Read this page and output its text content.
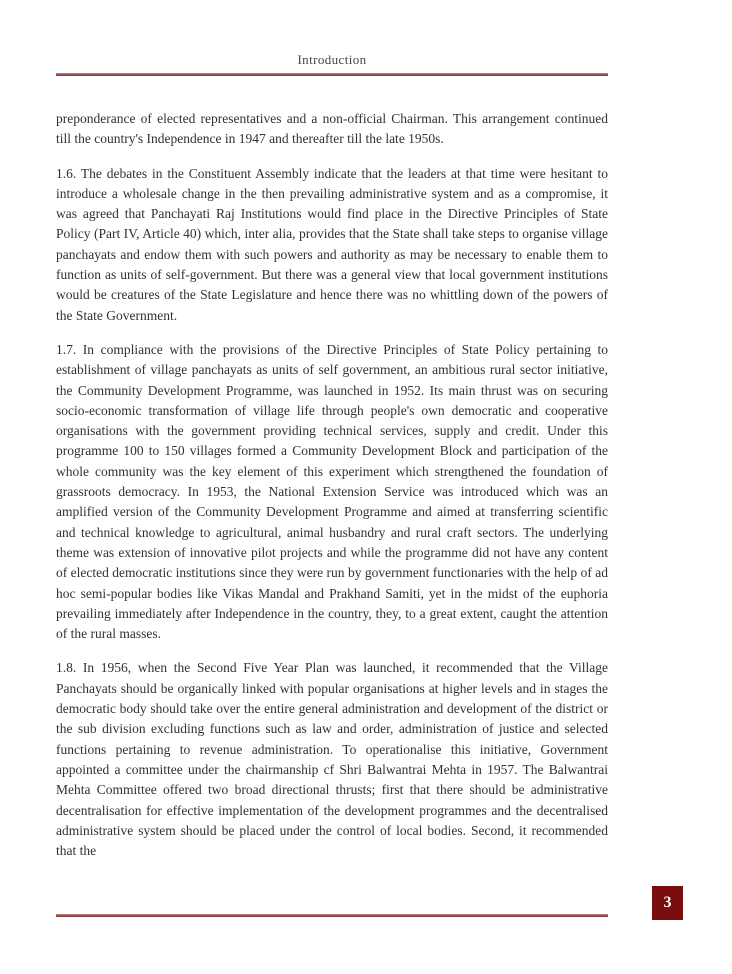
Introduction

preponderance of elected representatives and a non-official Chairman. This arrangement continued till the country's Independence in 1947 and thereafter till the late 1950s.

1.6. The debates in the Constituent Assembly indicate that the leaders at that time were hesitant to introduce a wholesale change in the then prevailing administrative system and as a compromise, it was agreed that Panchayati Raj Institutions would find place in the Directive Principles of State Policy (Part IV, Article 40) which, inter alia, provides that the State shall take steps to organise village panchayats and endow them with such powers and authority as may be necessary to enable them to function as units of self-government. But there was a general view that local government institutions would be creatures of the State Legislature and hence there was no whittling down of the powers of the State Government.

1.7. In compliance with the provisions of the Directive Principles of State Policy pertaining to establishment of village panchayats as units of self government, an ambitious rural sector initiative, the Community Development Programme, was launched in 1952. Its main thrust was on securing socio-economic transformation of village life through people's own democratic and cooperative organisations with the government providing technical services, supply and credit. Under this programme 100 to 150 villages formed a Community Development Block and participation of the whole community was the key element of this experiment which strengthened the foundation of grassroots democracy. In 1953, the National Extension Service was introduced which was an amplified version of the Community Development Programme and aimed at transferring scientific and technical knowledge to agricultural, animal husbandry and rural craft sectors. The underlying theme was extension of innovative pilot projects and while the programme did not have any content of elected democratic institutions since they were run by government functionaries with the help of ad hoc semi-popular bodies like Vikas Mandal and Prakhand Samiti, yet in the midst of the euphoria prevailing immediately after Independence in the country, they, to a great extent, caught the attention of the rural masses.

1.8. In 1956, when the Second Five Year Plan was launched, it recommended that the Village Panchayats should be organically linked with popular organisations at higher levels and in stages the democratic body should take over the entire general administration and development of the district or the sub division excluding functions such as law and order, administration of justice and selected functions pertaining to revenue administration. To operationalise this initiative, Government appointed a committee under the chairmanship cf Shri Balwantrai Mehta in 1957. The Balwantrai Mehta Committee offered two broad directional thrusts; first that there should be administrative decentralisation for effective implementation of the development programmes and the decentralised administrative system should be placed under the control of local bodies. Second, it recommended that the

3
